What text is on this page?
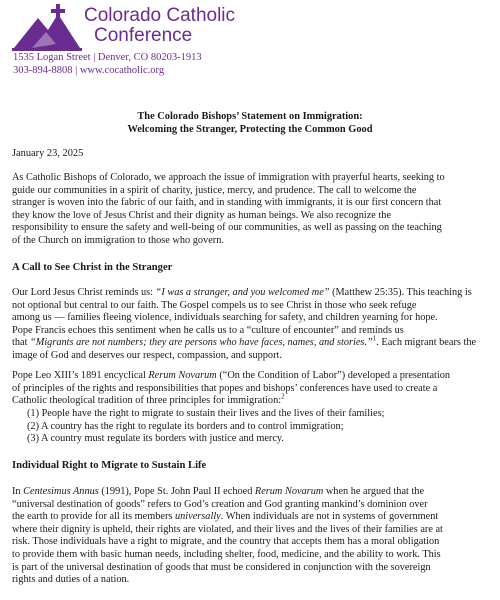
Colorado Catholic
Conference
1535 Logan Street | Denver, CO 80203-1913
303-894-8808 | www.cocatholic.org
The Colorado Bishops’ Statement on Immigration:
Welcoming the Stranger, Protecting the Common Good
January 23, 2025

As Catholic Bishops of Colorado, we approach the issue of immigration with prayerful hearts, seeking to
guide our communities in a spirit of charity, justice, mercy, and prudence. The call to welcome the
stranger is woven into the fabric of our faith, and in standing with immigrants, it is our first concern that
they know the love of Jesus Christ and their dignity as human beings. We also recognize the
responsibility to ensure the safety and well-being of our communities, as well as passing on the teaching
of the Church on immigration to those who govern.

A Call to See Christ in the Stranger

Our Lord Jesus Christ reminds us: “I was a stranger, and you welcomed me” (Matthew 25:35). This teaching is
not optional but central to our faith. The Gospel compels us to see Christ in those who seek refuge
among us — families fleeing violence, individuals searching for safety, and children yearning for hope.
Pope Francis echoes this sentiment when he calls us to a “culture of encounter” and reminds us
that “Migrants are not numbers; they are persons who have faces, names, and stories.”$^1$. Each migrant bears the
image of God and deserves our respect, compassion, and support.

Pope Leo XIII’s 1891 encyclical Rerum Novarum (“On the Condition of Labor”) developed a presentation
of principles of the rights and responsibilities that popes and bishops’ conferences have used to create a
Catholic theological tradition of three principles for immigration:$^2$

(1) People have the right to migrate to sustain their lives and the lives of their families;
(2) A country has the right to regulate its borders and to control immigration;
(3) A country must regulate its borders with justice and mercy.

Individual Right to Migrate to Sustain Life

In Centesimus Annus (1991), Pope St. John Paul II echoed Rerum Novarum when he argued that the
“universal destination of goods” refers to God’s creation and God granting mankind’s dominion over
the earth to provide for all its members universally. When individuals are not in systems of government
where their dignity is upheld, their rights are violated, and their lives and the lives of their families are at
risk. Those individuals have a right to migrate, and the country that accepts them has a moral obligation
to provide them with basic human needs, including shelter, food, medicine, and the ability to work. This
is part of the universal destination of goods that must be considered in conjunction with the sovereign
rights and duties of a nation.
